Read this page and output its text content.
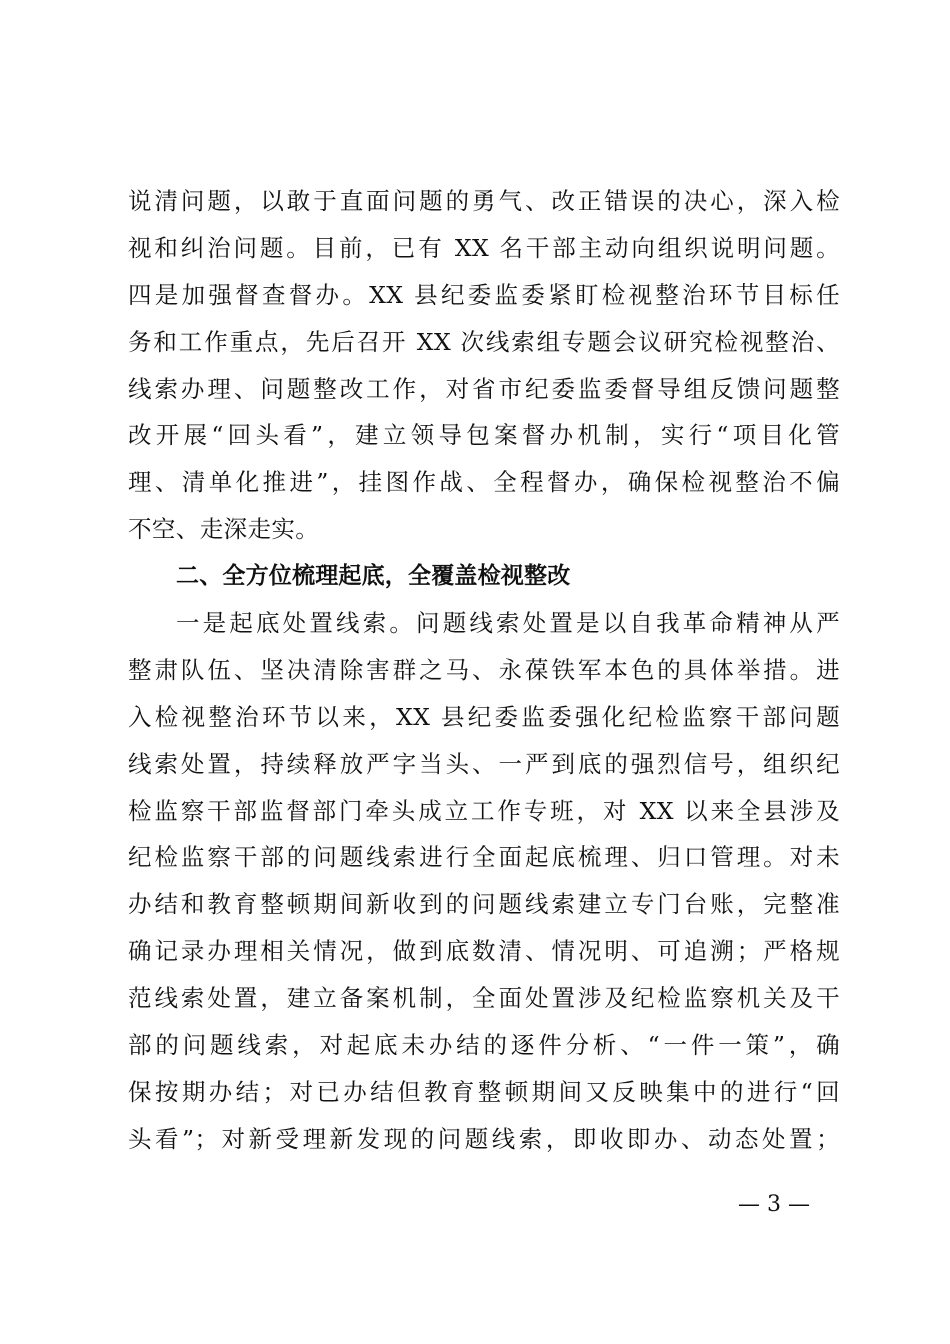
说清问题，以敢于直面问题的勇气、改正错误的决心，深入检
视和纠治问题。目前，已有 XX 名干部主动向组织说明问题。
四是加强督查督办。XX 县纪委监委紧盯检视整治环节目标任
务和工作重点，先后召开 XX 次线索组专题会议研究检视整治、
线索办理、问题整改工作，对省市纪委监委督导组反馈问题整
改开展“回头看”，建立领导包案督办机制，实行“项目化管
理、清单化推进”，挂图作战、全程督办，确保检视整治不偏
不空、走深走实。
二、全方位梳理起底，全覆盖检视整改
一是起底处置线索。问题线索处置是以自我革命精神从严
整肃队伍、坚决清除害群之马、永葆铁军本色的具体举措。进
入检视整治环节以来，XX 县纪委监委强化纪检监察干部问题
线索处置，持续释放严字当头、一严到底的强烈信号，组织纪
检监察干部监督部门牵头成立工作专班，对 XX 以来全县涉及
纪检监察干部的问题线索进行全面起底梳理、归口管理。对未
办结和教育整顿期间新收到的问题线索建立专门台账，完整准
确记录办理相关情况，做到底数清、情况明、可追溯；严格规
范线索处置，建立备案机制，全面处置涉及纪检监察机关及干
部的问题线索，对起底未办结的逐件分析、“一件一策”，确
保按期办结；对已办结但教育整顿期间又反映集中的进行“回
头看”；对新受理新发现的问题线索，即收即办、动态处置；
— 3 —
